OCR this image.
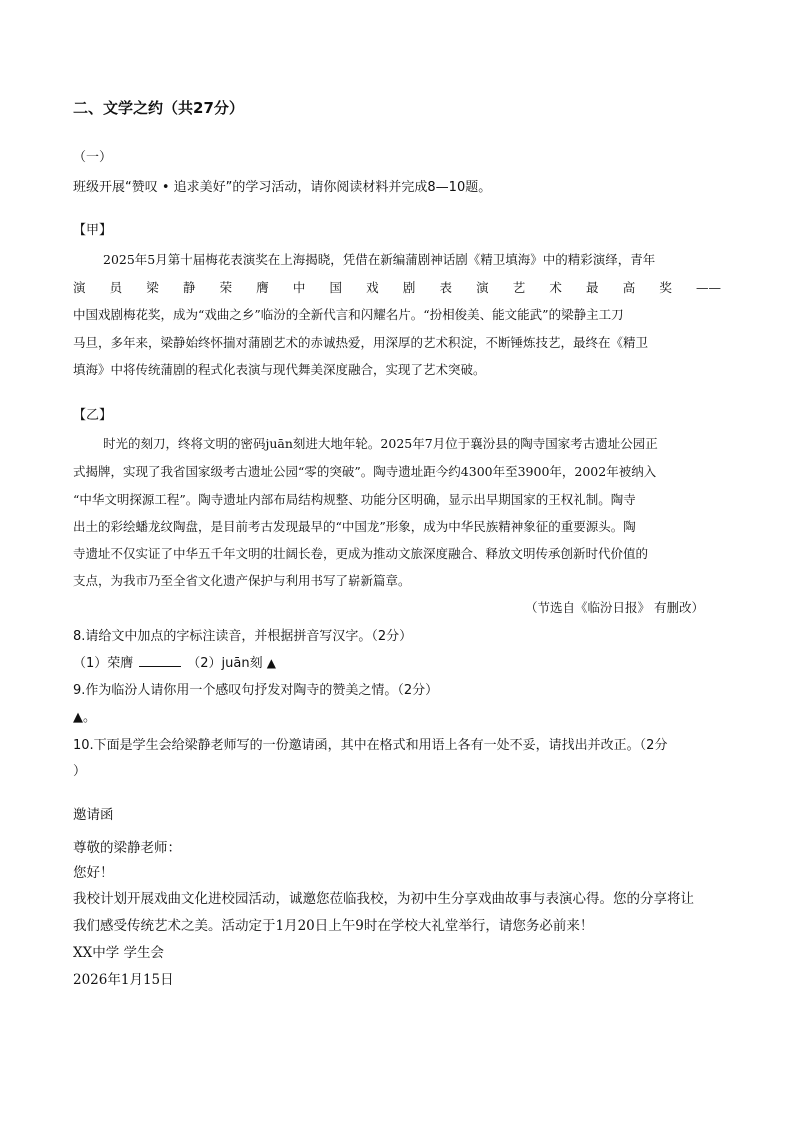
二、文学之约（共27分）
（一）
班级开展“赞叹 • 追求美好”的学习活动，请你阅读材料并完成8—10题。
【甲】
2025年5月第十届梅花表演奖在上海揭晓，凭借在新编蒲剧神话剧《精卫填海》中的精彩演绎，青年
演 员 梁 静 荣 膺 中 国 戏 剧 表 演 艺 术 最 高 奖 ——
中国戏剧梅花奖，成为“戏曲之乡”临汾的全新代言和闪耀名片。“扮相俊美、能文能武”的梁静主工刀
马旦，多年来，梁静始终怀揣对蒲剧艺术的赤诚热爱，用深厚的艺术积淀，不断锤炼技艺，最终在《精卫
填海》中将传统蒲剧的程式化表演与现代舞美深度融合，实现了艺术突破。
【乙】
时光的刻刀，终将文明的密码juān刻进大地年轮。2025年7月位于襄汾县的陶寺国家考古遗址公园正
式揭牌，实现了我省国家级考古遗址公园“零的突破”。陶寺遗址距今约4300年至3900年，2002年被纳入
“中华文明探源工程”。陶寺遗址内部布局结构规整、功能分区明确，显示出早期国家的王权礼制。陶寺
出土的彩绘蟠龙纹陶盘，是目前考古发现最早的“中国龙”形象，成为中华民族精神象征的重要源头。陶
寺遗址不仅实证了中华五千年文明的壮阔长卷，更成为推动文旅深度融合、释放文明传承创新时代价值的
支点，为我市乃至全省文化遗产保护与利用书写了崭新篇章。
（节选自《临汾日报》 有删改）
8.请给文中加点的字标注读音，并根据拼音写汉字。（2分）
（1）荣膺	（2）juān刻 ▲
9.作为临汾人请你用一个感叹句抒发对陶寺的赞美之情。（2分）
▲。
10.下面是学生会给梁静老师写的一份邀请函，其中在格式和用语上各有一处不妥，请找出并改正。（2分
）
邀请函
尊敬的梁静老师：
您好！
我校计划开展戏曲文化进校园活动，诚邀您莅临我校，为初中生分享戏曲故事与表演心得。您的分享将让
我们感受传统艺术之美。活动定于1月20日上午9时在学校大礼堂举行，请您务必前来！
XX中学 学生会
2026年1月15日
